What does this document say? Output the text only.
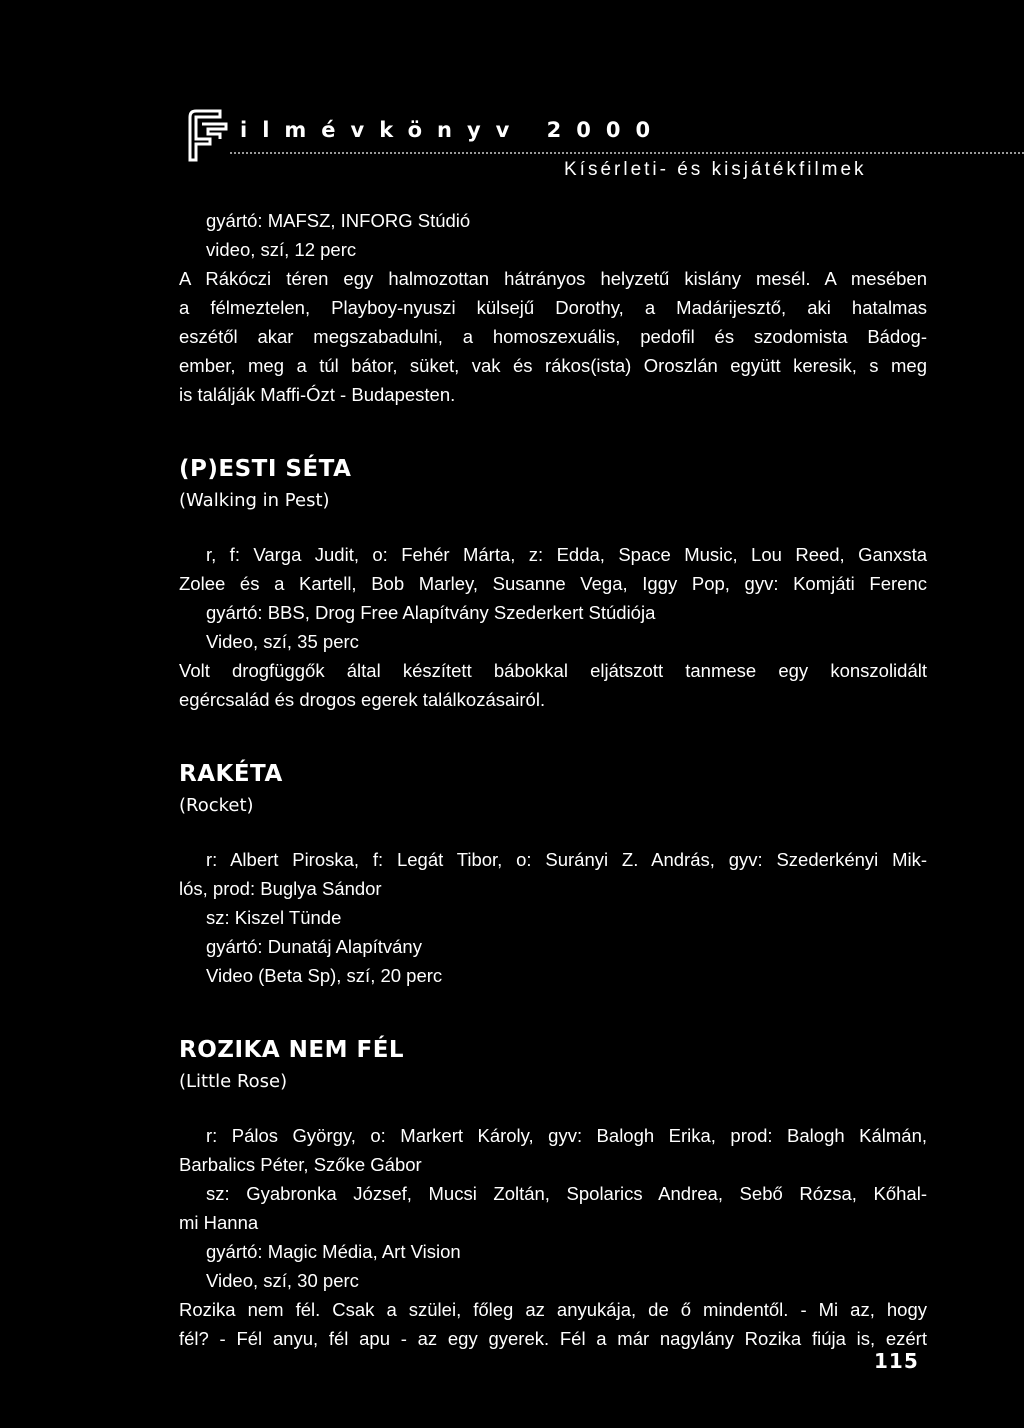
ilmévkönyv 2000
Kísérleti- és kisjátékfilmek
gyártó: MAFSZ, INFORG Stúdió
video, szí, 12 perc
A Rákóczi téren egy halmozottan hátrányos helyzetű kislány mesél. A mesében
a félmeztelen, Playboy-nyuszi külsejű Dorothy, a Madárijesztő, aki hatalmas
eszétől akar megszabadulni, a homoszexuális, pedofil és szodomista Bádog-
ember, meg a túl bátor, süket, vak és rákos(ista) Oroszlán együtt keresik, s meg
is találják Maffi-Ózt - Budapesten.
(P)ESTI SÉTA
(Walking in Pest)
r, f: Varga Judit, o: Fehér Márta, z: Edda, Space Music, Lou Reed, Ganxsta
Zolee és a Kartell, Bob Marley, Susanne Vega, Iggy Pop, gyv: Komjáti Ferenc
gyártó: BBS, Drog Free Alapítvány Szederkert Stúdiója
Video, szí, 35 perc
Volt drogfüggők által készített bábokkal eljátszott tanmese egy konszolidált
egércsalád és drogos egerek találkozásairól.
RAKÉTA
(Rocket)
r: Albert Piroska, f: Legát Tibor, o: Surányi Z. András, gyv: Szederkényi Mik-
lós, prod: Buglya Sándor
sz: Kiszel Tünde
gyártó: Dunatáj Alapítvány
Video (Beta Sp), szí, 20 perc
ROZIKA NEM FÉL
(Little Rose)
r: Pálos György, o: Markert Károly, gyv: Balogh Erika, prod: Balogh Kálmán,
Barbalics Péter, Szőke Gábor
sz: Gyabronka József, Mucsi Zoltán, Spolarics Andrea, Sebő Rózsa, Kőhal-
mi Hanna
gyártó: Magic Média, Art Vision
Video, szí, 30 perc
Rozika nem fél. Csak a szülei, főleg az anyukája, de ő mindentől. - Mi az, hogy
fél? - Fél anyu, fél apu - az egy gyerek. Fél a már nagylány Rozika fiúja is, ezért
115
